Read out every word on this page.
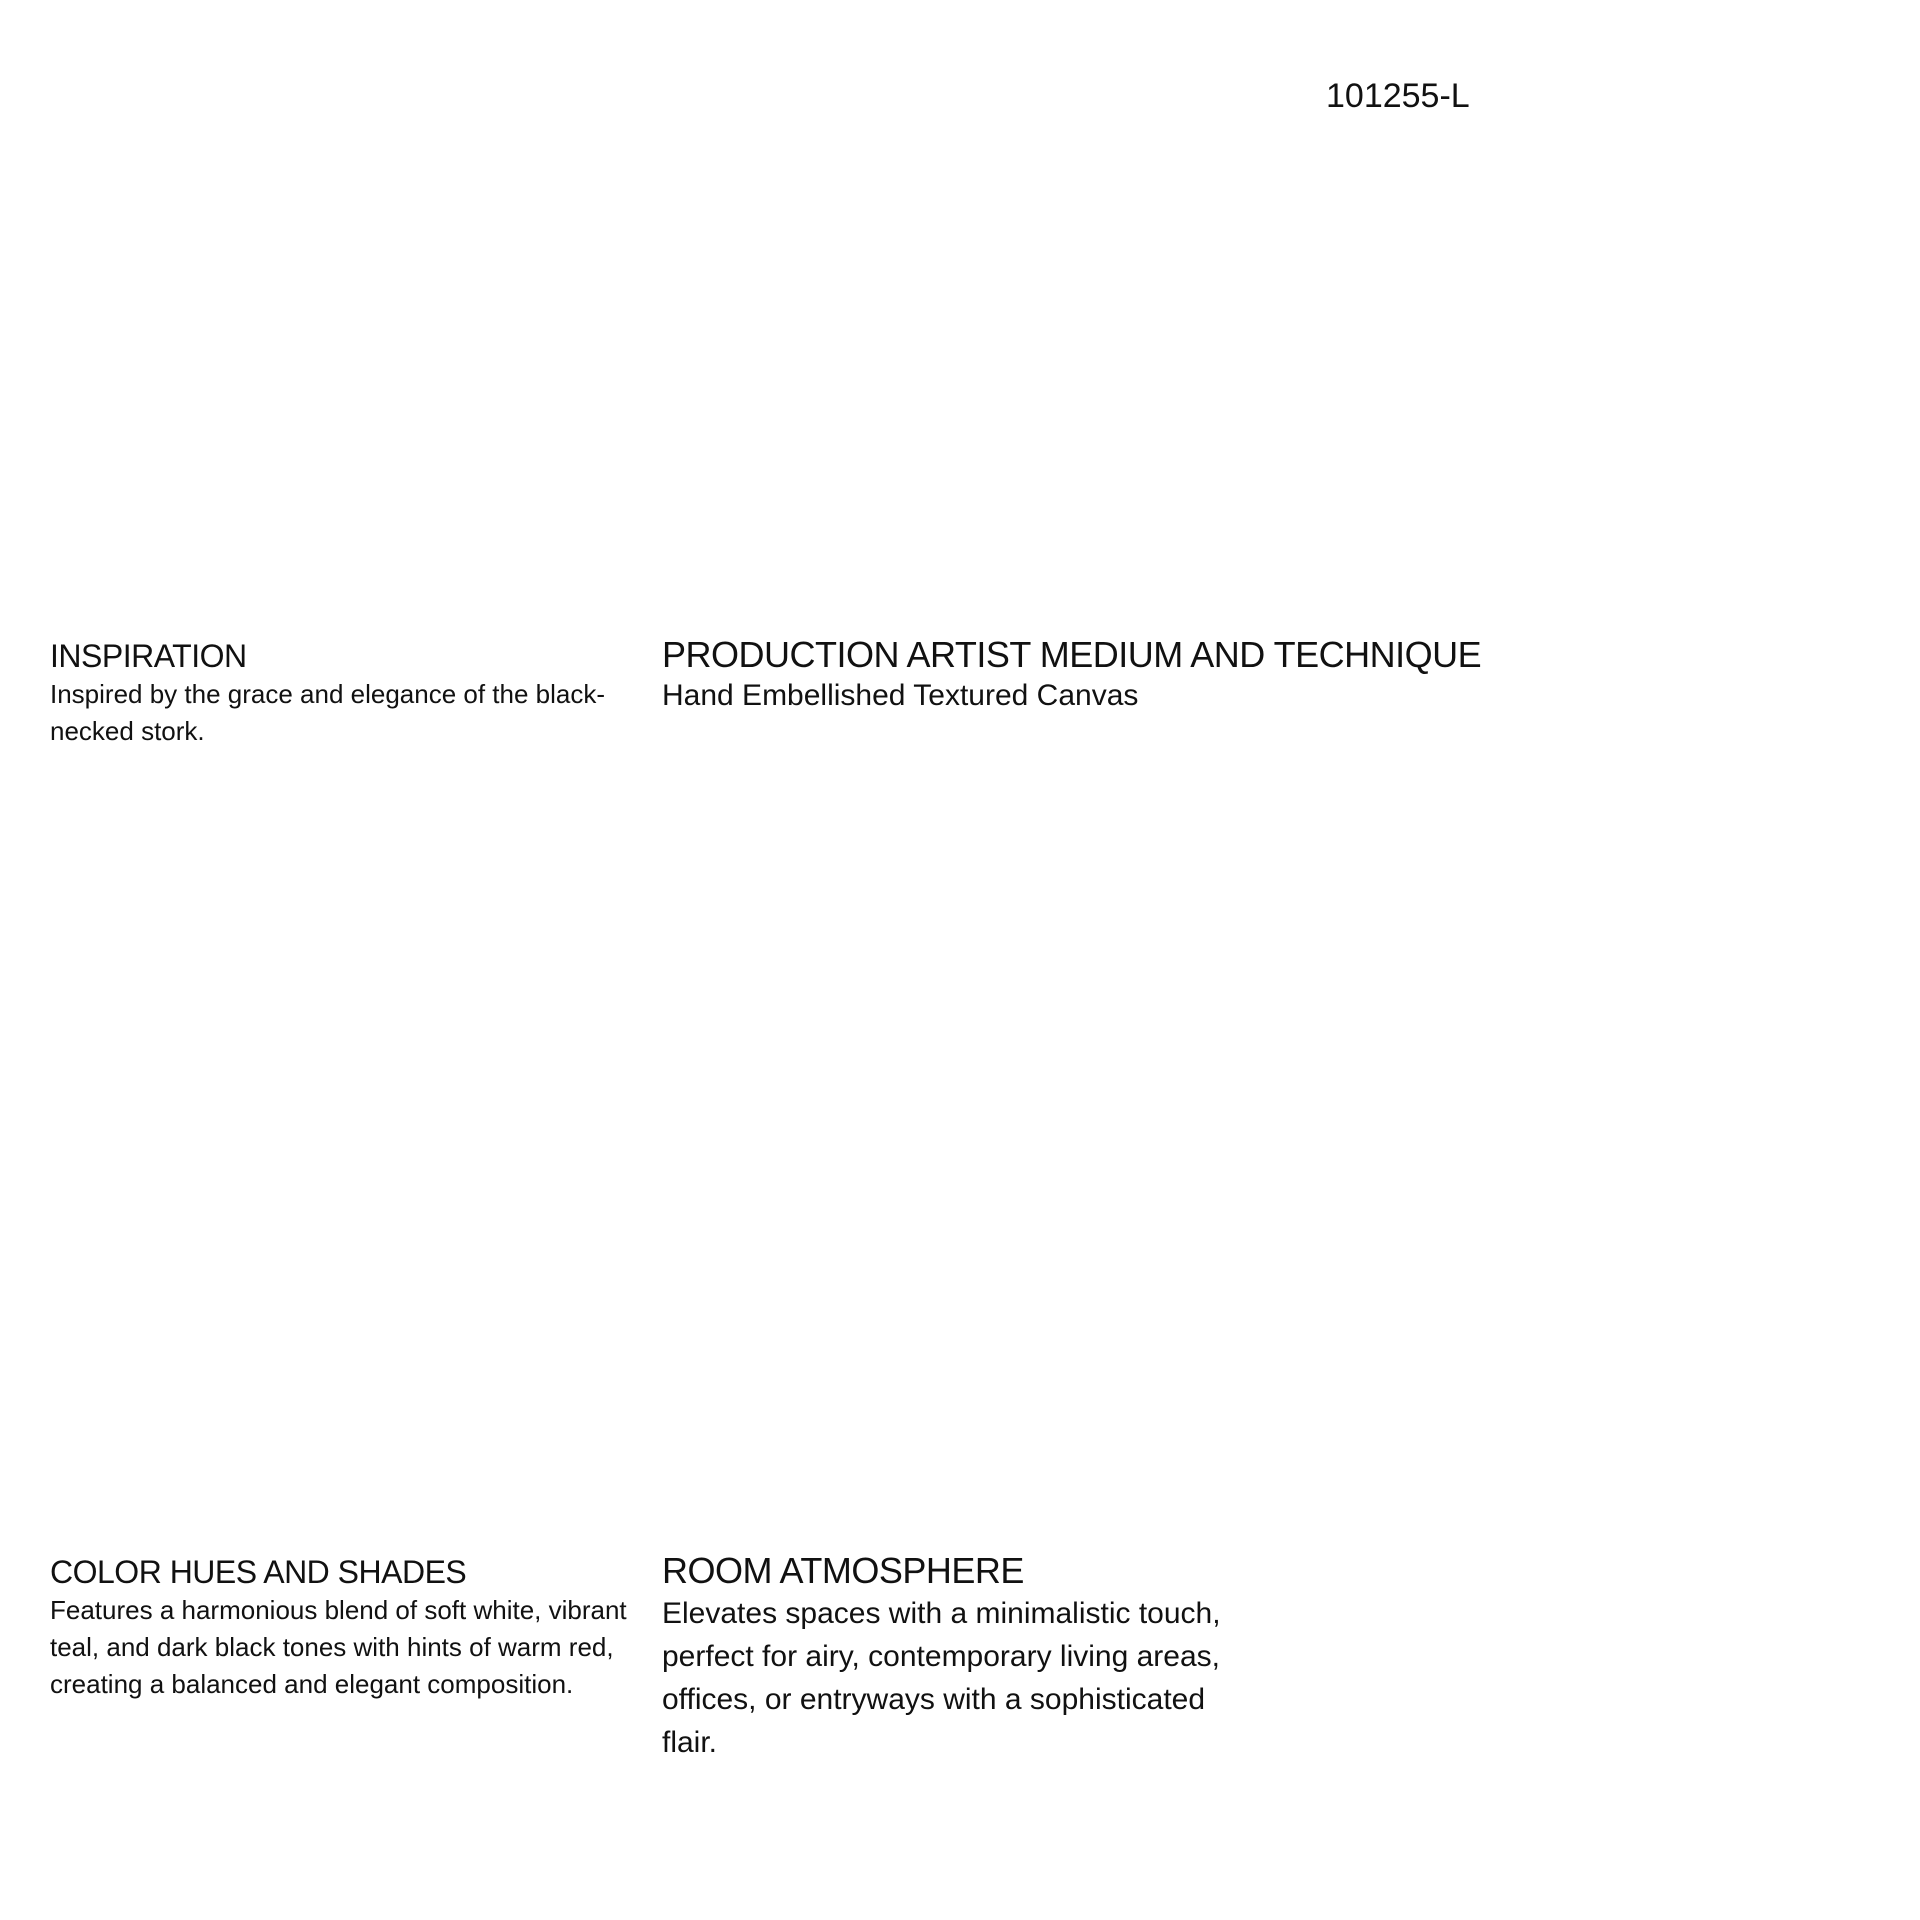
101255-L
INSPIRATION

Inspired by the grace and elegance of the black-necked stork.

PRODUCTION ARTIST MEDIUM AND TECHNIQUE

Hand Embellished Textured Canvas

COLOR HUES AND SHADES

Features a harmonious blend of soft white, vibrant teal, and dark black tones with hints of warm red, creating a balanced and elegant composition.

ROOM ATMOSPHERE

Elevates spaces with a minimalistic touch, perfect for airy, contemporary living areas, offices, or entryways with a sophisticated flair.
